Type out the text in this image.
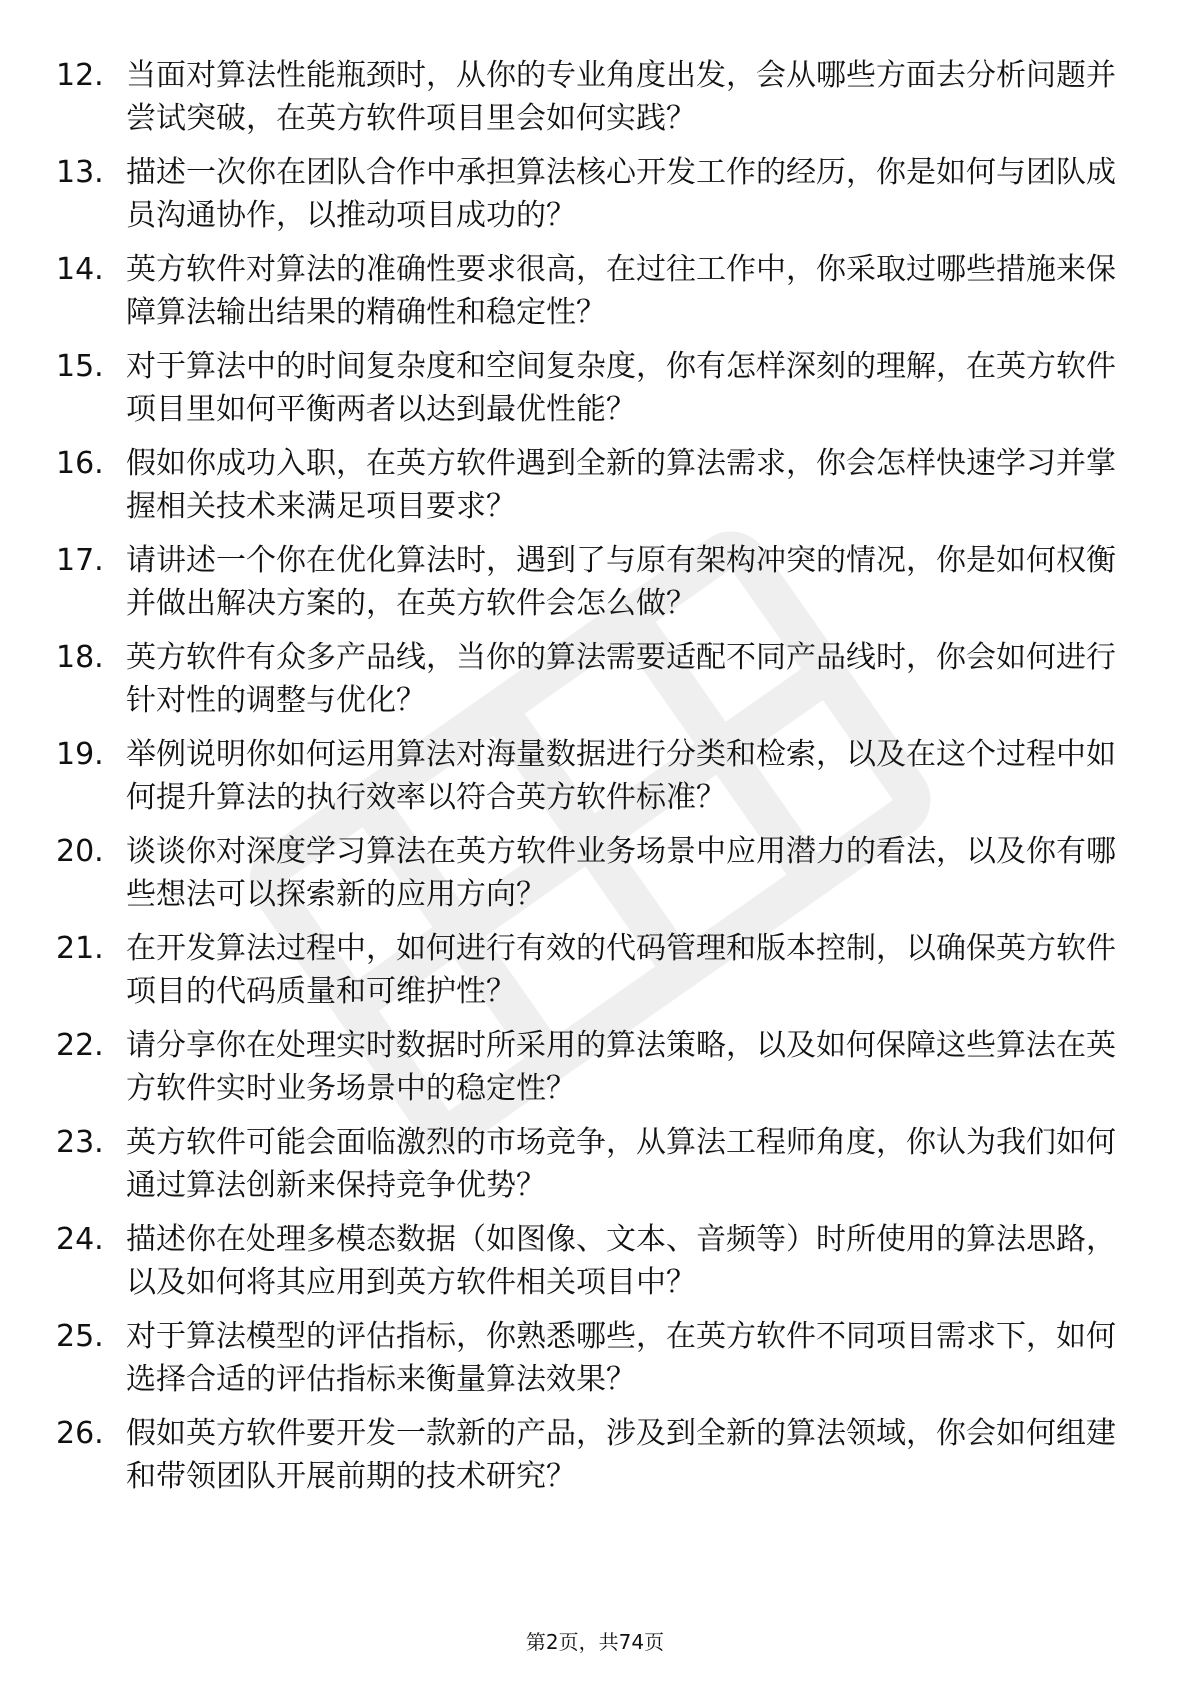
12. 当面对算法性能瓶颈时，从你的专业角度出发，会从哪些方面去分析问题并尝试突破，在英方软件项目里会如何实践？
13. 描述一次你在团队合作中承担算法核心开发工作的经历，你是如何与团队成员沟通协作，以推动项目成功的？
14. 英方软件对算法的准确性要求很高，在过往工作中，你采取过哪些措施来保障算法输出结果的精确性和稳定性？
15. 对于算法中的时间复杂度和空间复杂度，你有怎样深刻的理解，在英方软件项目里如何平衡两者以达到最优性能？
16. 假如你成功入职，在英方软件遇到全新的算法需求，你会怎样快速学习并掌握相关技术来满足项目要求？
17. 请讲述一个你在优化算法时，遇到了与原有架构冲突的情况，你是如何权衡并做出解决方案的，在英方软件会怎么做？
18. 英方软件有众多产品线，当你的算法需要适配不同产品线时，你会如何进行针对性的调整与优化？
19. 举例说明你如何运用算法对海量数据进行分类和检索，以及在这个过程中如何提升算法的执行效率以符合英方软件标准？
20. 谈谈你对深度学习算法在英方软件业务场景中应用潜力的看法，以及你有哪些想法可以探索新的应用方向？
21. 在开发算法过程中，如何进行有效的代码管理和版本控制，以确保英方软件项目的代码质量和可维护性？
22. 请分享你在处理实时数据时所采用的算法策略，以及如何保障这些算法在英方软件实时业务场景中的稳定性？
23. 英方软件可能会面临激烈的市场竞争，从算法工程师角度，你认为我们如何通过算法创新来保持竞争优势？
24. 描述你在处理多模态数据（如图像、文本、音频等）时所使用的算法思路，以及如何将其应用到英方软件相关项目中？
25. 对于算法模型的评估指标，你熟悉哪些，在英方软件不同项目需求下，如何选择合适的评估指标来衡量算法效果？
26. 假如英方软件要开发一款新的产品，涉及到全新的算法领域，你会如何组建和带领团队开展前期的技术研究？
第2页，共74页
